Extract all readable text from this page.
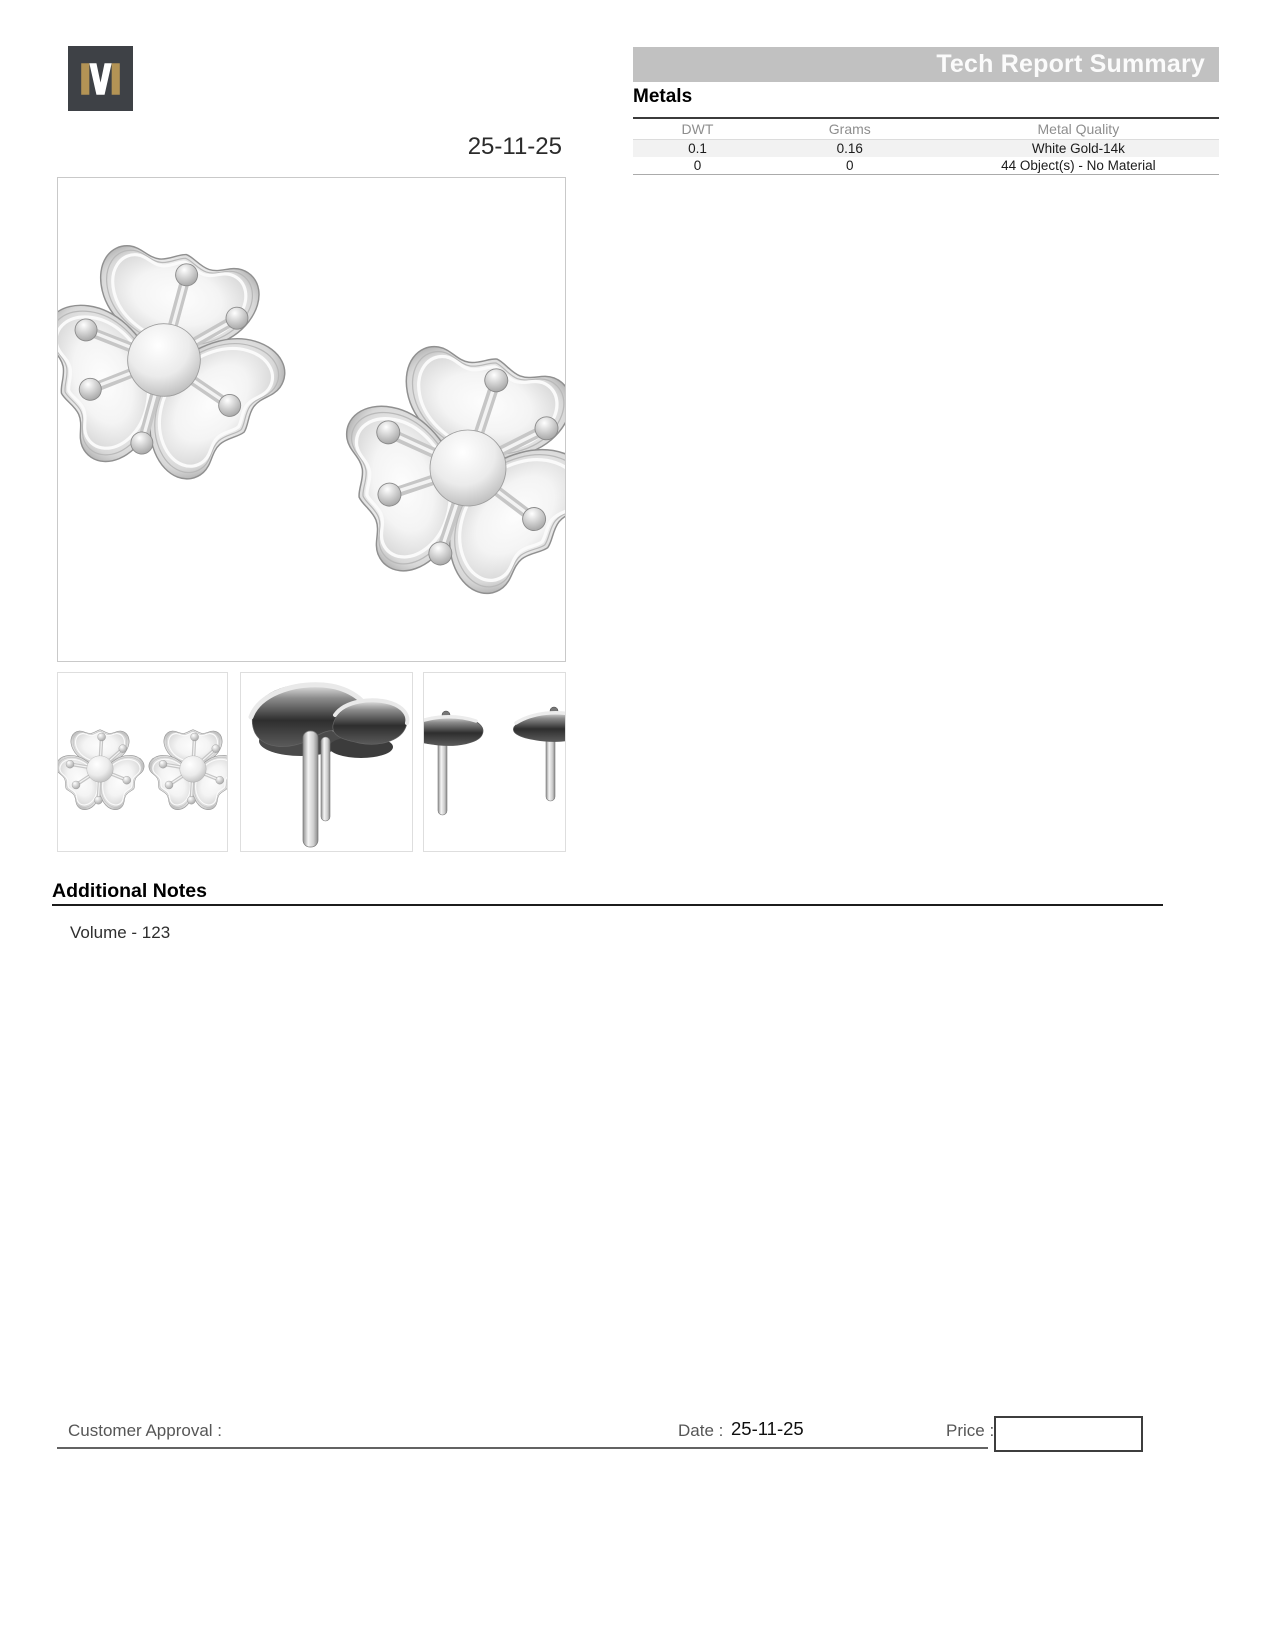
Tech Report Summary
Metals
DWT	Grams	Metal Quality
0.1	0.16	White Gold-14k
0	0	44 Object(s) - No Material
25-11-25
Additional Notes
Volume - 123
Customer Approval :	Date : 25-11-25	Price :
